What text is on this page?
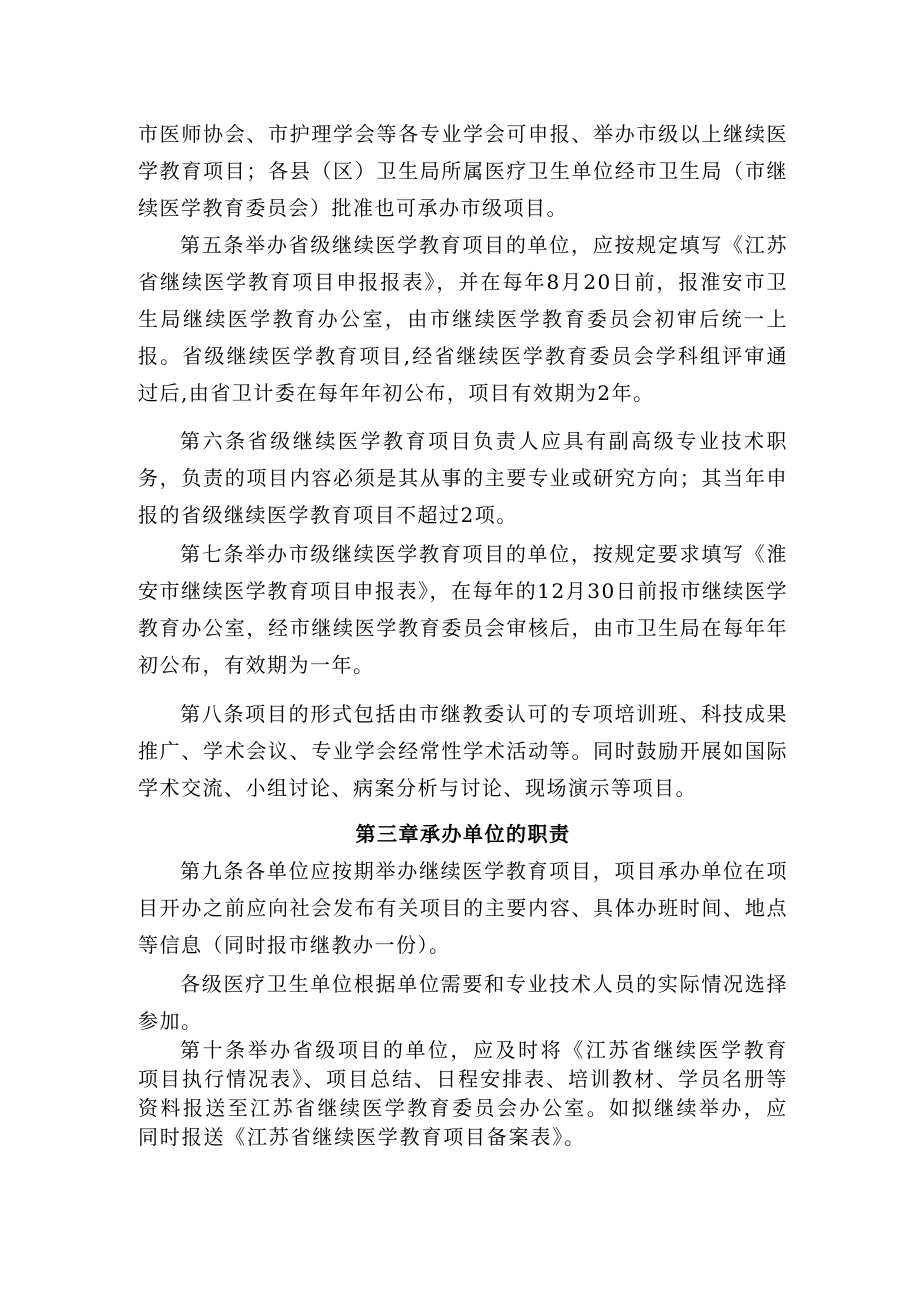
市医师协会、市护理学会等各专业学会可申报、举办市级以上继续医学教育项目；各县（区）卫生局所属医疗卫生单位经市卫生局（市继续医学教育委员会）批准也可承办市级项目。

第五条举办省级继续医学教育项目的单位，应按规定填写《江苏省继续医学教育项目申报报表》，并在每年8月20日前，报淮安市卫生局继续医学教育办公室，由市继续医学教育委员会初审后统一上报。省级继续医学教育项目,经省继续医学教育委员会学科组评审通过后,由省卫计委在每年年初公布，项目有效期为2年。

第六条省级继续医学教育项目负责人应具有副高级专业技术职务，负责的项目内容必须是其从事的主要专业或研究方向；其当年申报的省级继续医学教育项目不超过2项。

第七条举办市级继续医学教育项目的单位，按规定要求填写《淮安市继续医学教育项目申报表》，在每年的12月30日前报市继续医学教育办公室，经市继续医学教育委员会审核后，由市卫生局在每年年初公布，有效期为一年。

第八条项目的形式包括由市继教委认可的专项培训班、科技成果推广、学术会议、专业学会经常性学术活动等。同时鼓励开展如国际学术交流、小组讨论、病案分析与讨论、现场演示等项目。

第三章承办单位的职责

第九条各单位应按期举办继续医学教育项目，项目承办单位在项目开办之前应向社会发布有关项目的主要内容、具体办班时间、地点等信息（同时报市继教办一份）。

各级医疗卫生单位根据单位需要和专业技术人员的实际情况选择参加。

第十条举办省级项目的单位，应及时将《江苏省继续医学教育项目执行情况表》、项目总结、日程安排表、培训教材、学员名册等资料报送至江苏省继续医学教育委员会办公室。如拟继续举办，应同时报送《江苏省继续医学教育项目备案表》。
